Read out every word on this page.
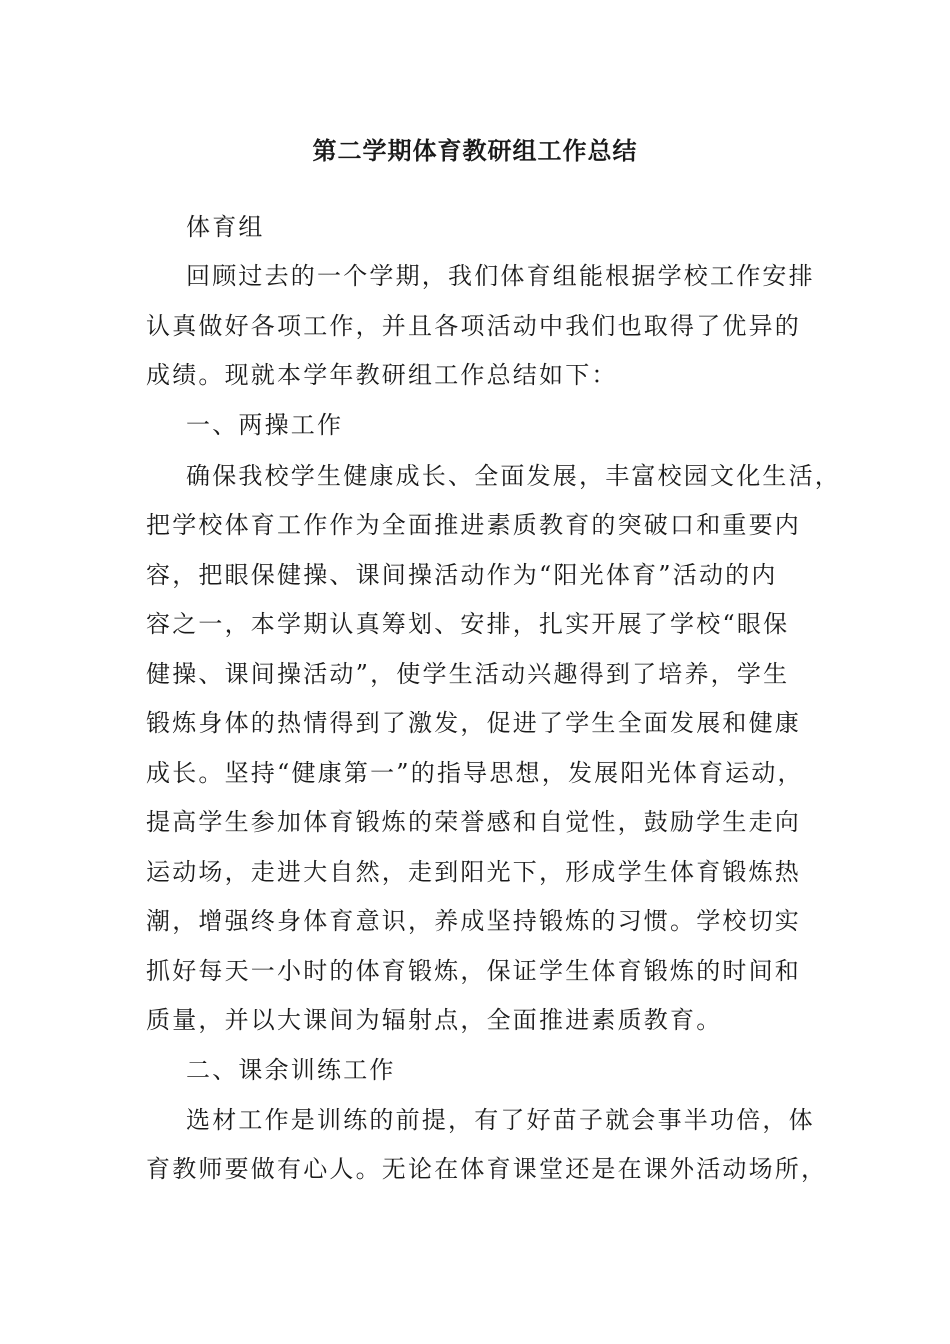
第二学期体育教研组工作总结
体育组
回顾过去的一个学期，我们体育组能根据学校工作安排
认真做好各项工作，并且各项活动中我们也取得了优异的
成绩。现就本学年教研组工作总结如下：
一、两操工作
确保我校学生健康成长、全面发展，丰富校园文化生活，
把学校体育工作作为全面推进素质教育的突破口和重要内
容，把眼保健操、课间操活动作为“阳光体育”活动的内
容之一，本学期认真筹划、安排，扎实开展了学校“眼保
健操、课间操活动”，使学生活动兴趣得到了培养，学生
锻炼身体的热情得到了激发，促进了学生全面发展和健康
成长。坚持“健康第一”的指导思想，发展阳光体育运动，
提高学生参加体育锻炼的荣誉感和自觉性，鼓励学生走向
运动场，走进大自然，走到阳光下，形成学生体育锻炼热
潮，增强终身体育意识，养成坚持锻炼的习惯。学校切实
抓好每天一小时的体育锻炼，保证学生体育锻炼的时间和
质量，并以大课间为辐射点，全面推进素质教育。
二、课余训练工作
选材工作是训练的前提，有了好苗子就会事半功倍，体
育教师要做有心人。无论在体育课堂还是在课外活动场所，
